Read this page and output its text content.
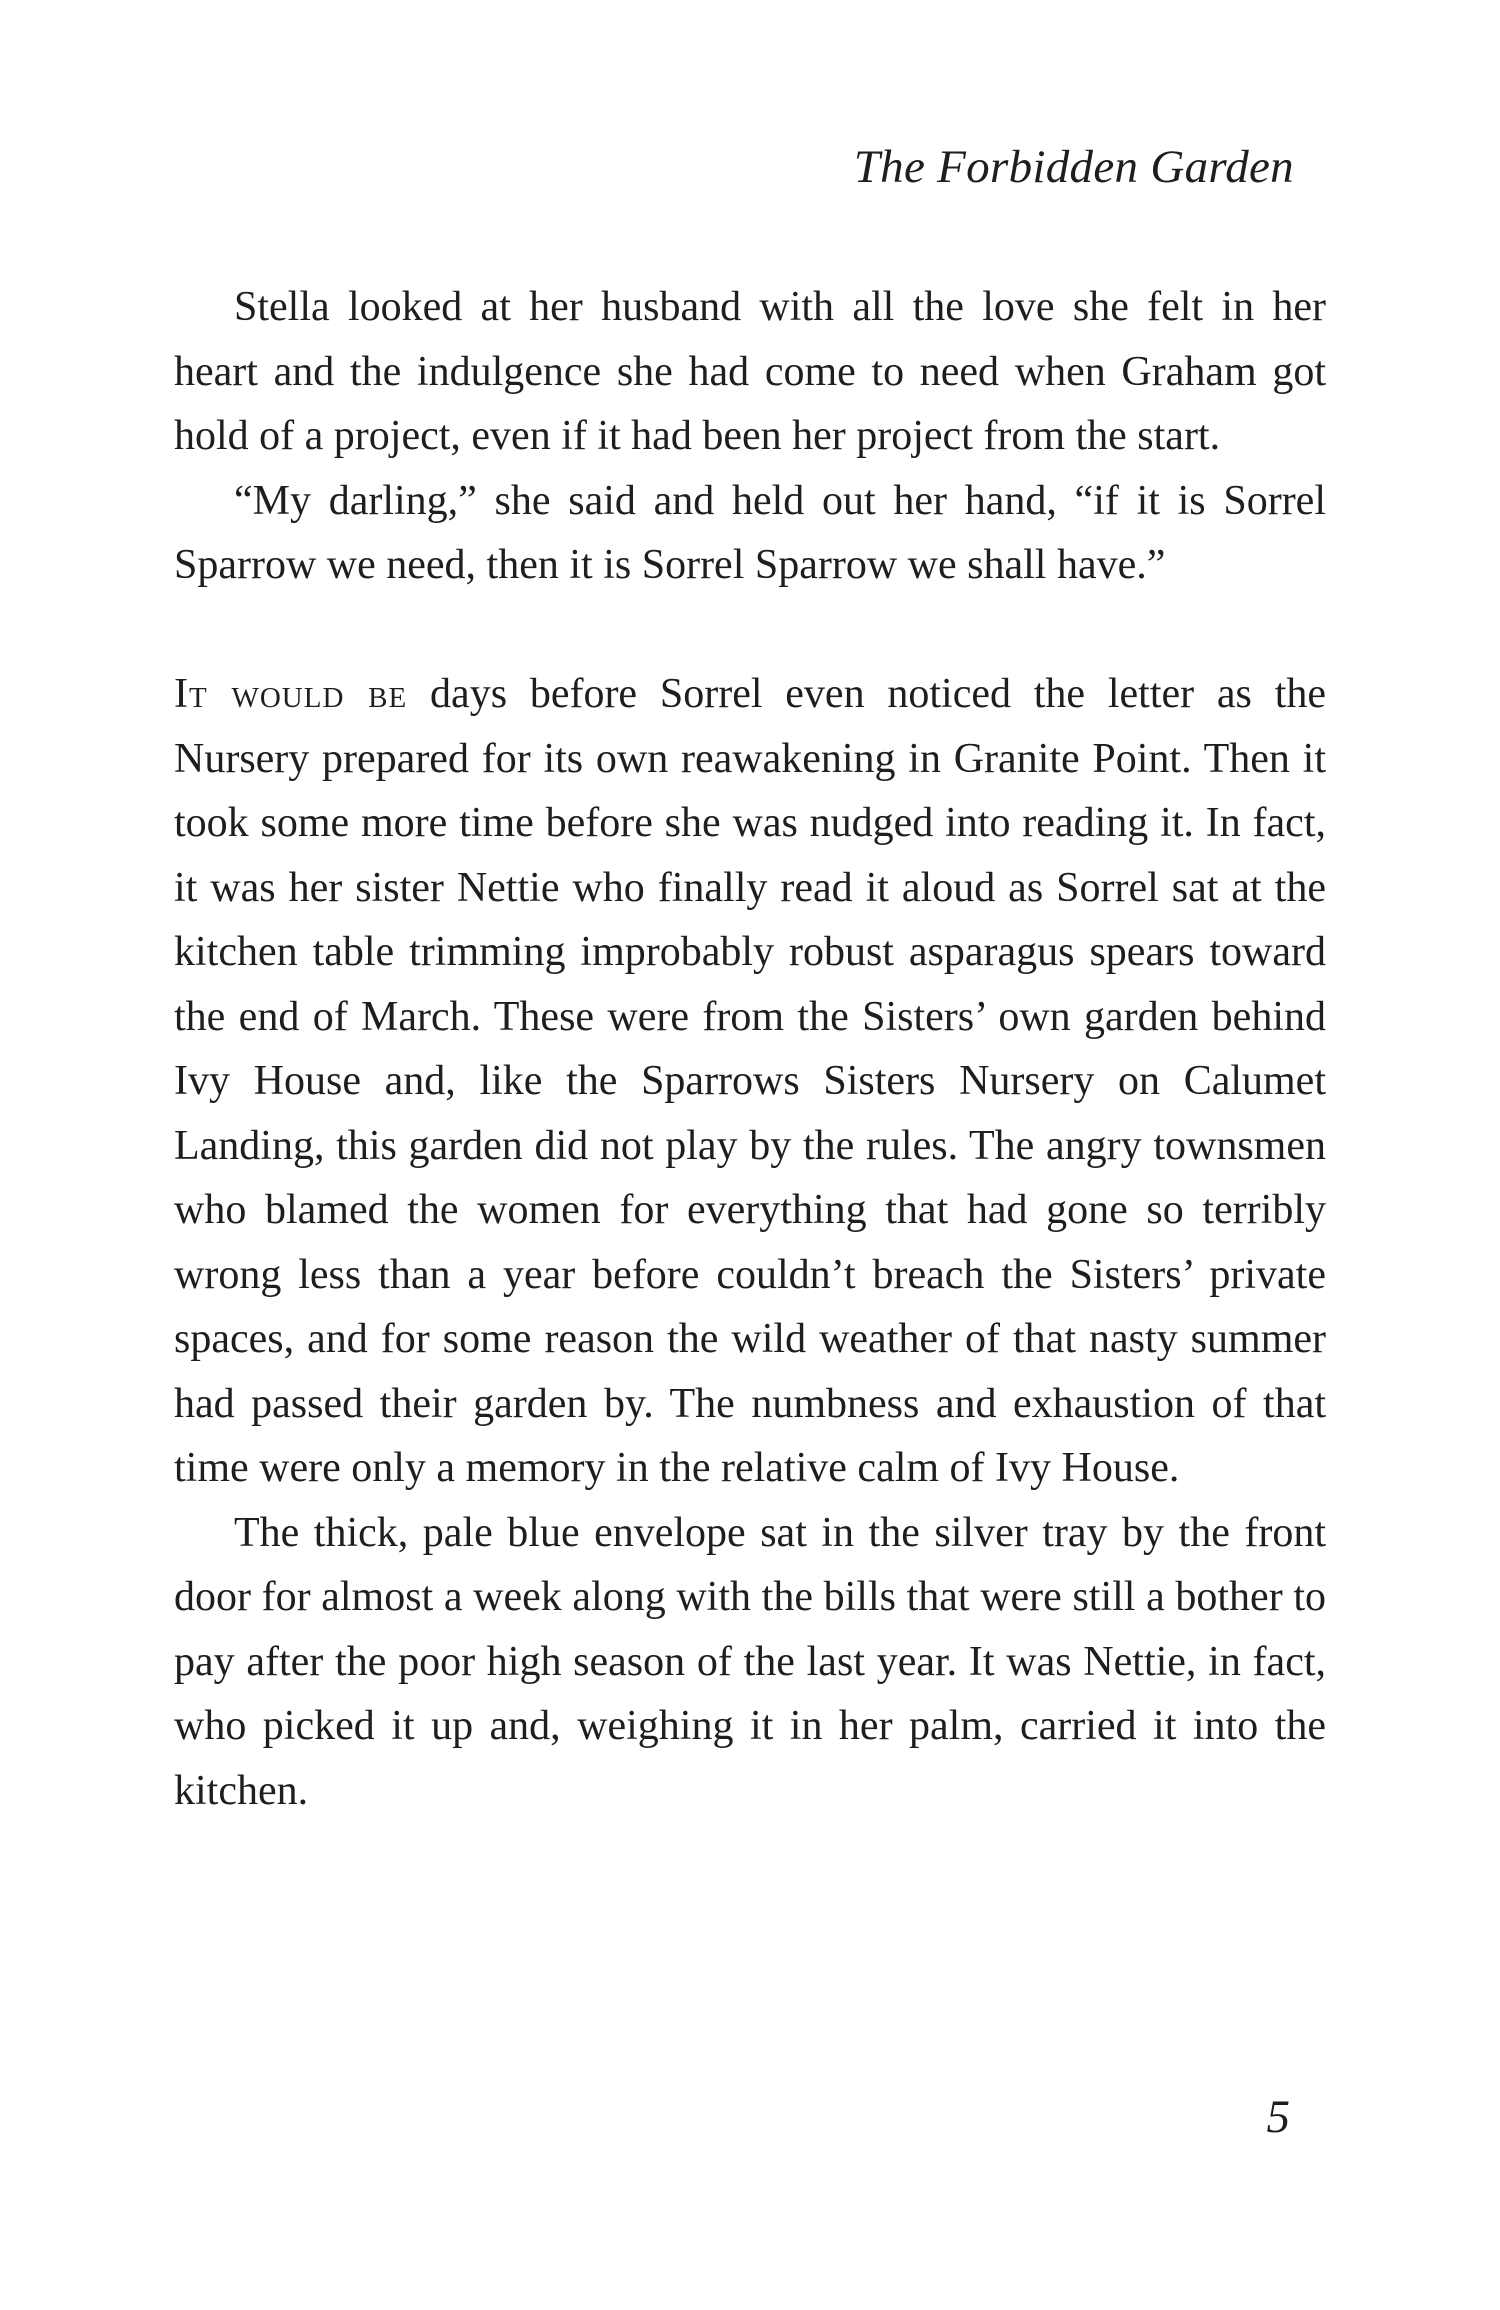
The Forbidden Garden

Stella looked at her husband with all the love she felt in her heart and the indulgence she had come to need when Graham got hold of a project, even if it had been her project from the start.

“My darling,” she said and held out her hand, “if it is Sorrel Sparrow we need, then it is Sorrel Sparrow we shall have.”

It would be days before Sorrel even noticed the letter as the Nursery prepared for its own reawakening in Granite Point. Then it took some more time before she was nudged into reading it. In fact, it was her sister Nettie who finally read it aloud as Sorrel sat at the kitchen table trimming improbably robust asparagus spears toward the end of March. These were from the Sisters’ own garden behind Ivy House and, like the Sparrows Sisters Nursery on Calumet Landing, this garden did not play by the rules. The angry townsmen who blamed the women for everything that had gone so terribly wrong less than a year before couldn’t breach the Sisters’ private spaces, and for some reason the wild weather of that nasty summer had passed their garden by. The numbness and exhaustion of that time were only a memory in the relative calm of Ivy House.

The thick, pale blue envelope sat in the silver tray by the front door for almost a week along with the bills that were still a bother to pay after the poor high season of the last year. It was Nettie, in fact, who picked it up and, weighing it in her palm, carried it into the kitchen.

5
